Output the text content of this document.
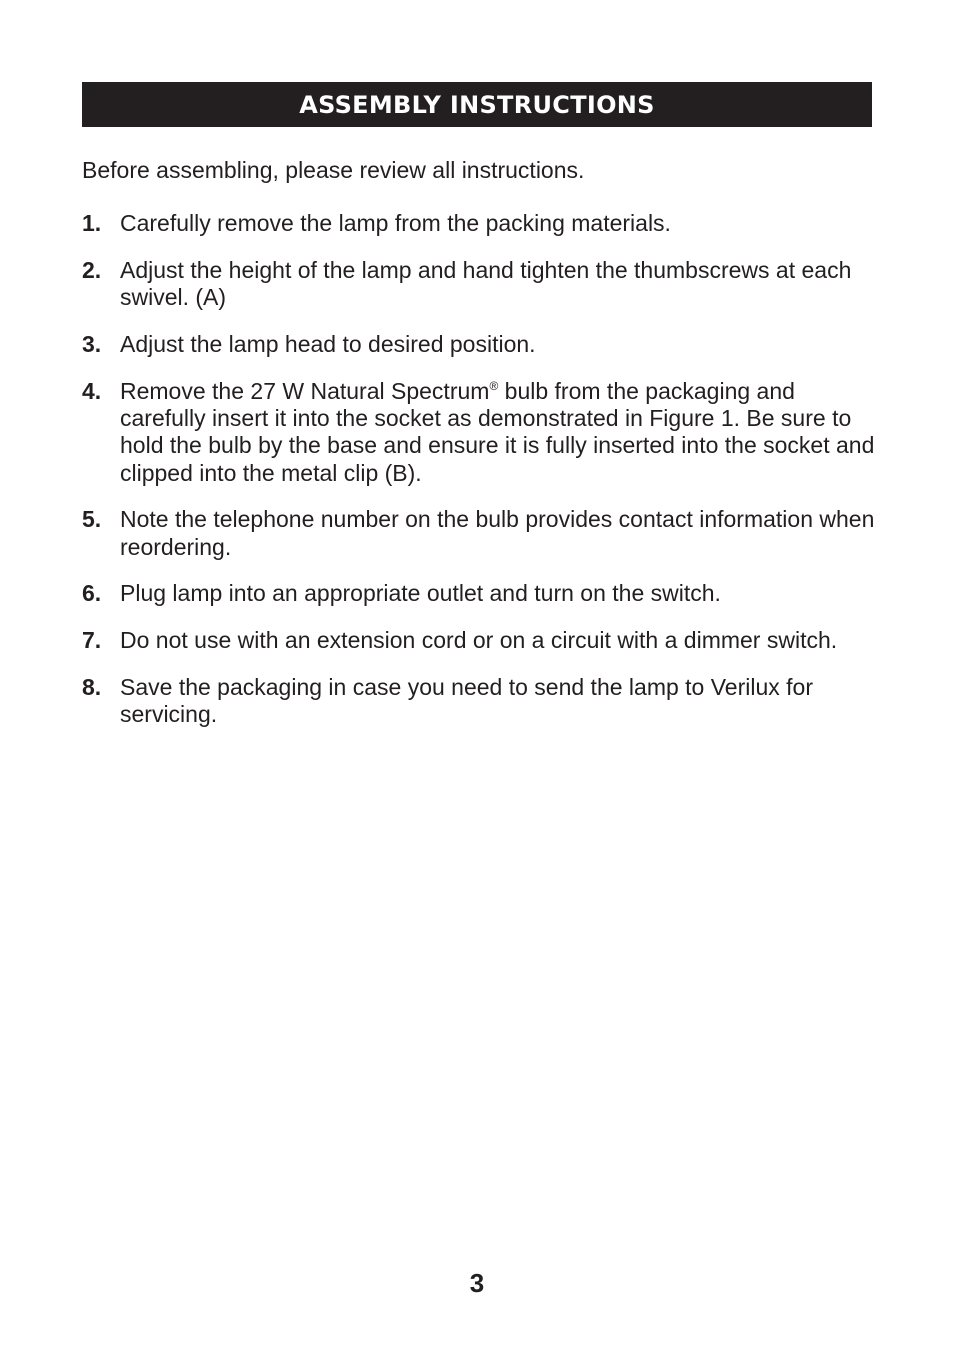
ASSEMBLY INSTRUCTIONS

Before assembling, please review all instructions.

1. Carefully remove the lamp from the packing materials.
2. Adjust the height of the lamp and hand tighten the thumbscrews at each swivel. (A)
3. Adjust the lamp head to desired position.
4. Remove the 27 W Natural Spectrum® bulb from the packaging and carefully insert it into the socket as demonstrated in Figure 1. Be sure to hold the bulb by the base and ensure it is fully inserted into the socket and clipped into the metal clip (B).
5. Note the telephone number on the bulb provides contact information when reordering.
6. Plug lamp into an appropriate outlet and turn on the switch.
7. Do not use with an extension cord or on a circuit with a dimmer switch.
8. Save the packaging in case you need to send the lamp to Verilux for servicing.
3
